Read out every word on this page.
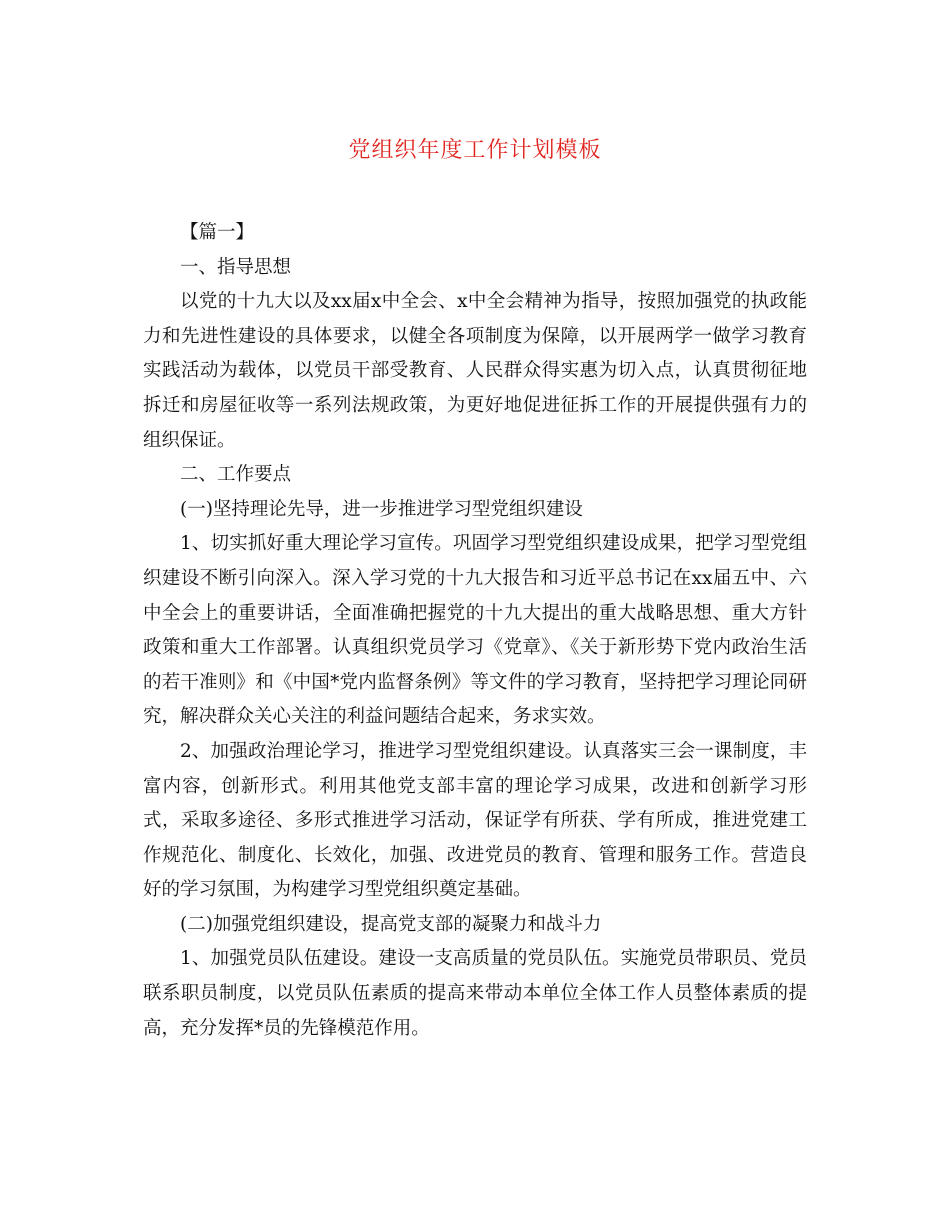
党组织年度工作计划模板

【篇一】

一、指导思想

以党的十九大以及xx届x中全会、x中全会精神为指导，按照加强党的执政能力和先进性建设的具体要求，以健全各项制度为保障，以开展两学一做学习教育实践活动为载体，以党员干部受教育、人民群众得实惠为切入点，认真贯彻征地拆迁和房屋征收等一系列法规政策，为更好地促进征拆工作的开展提供强有力的组织保证。

二、工作要点

(一)坚持理论先导，进一步推进学习型党组织建设

1、切实抓好重大理论学习宣传。巩固学习型党组织建设成果，把学习型党组织建设不断引向深入。深入学习党的十九大报告和习近平总书记在xx届五中、六中全会上的重要讲话，全面准确把握党的十九大提出的重大战略思想、重大方针政策和重大工作部署。认真组织党员学习《党章》、《关于新形势下党内政治生活的若干准则》和《中国*党内监督条例》等文件的学习教育，坚持把学习理论同研究，解决群众关心关注的利益问题结合起来，务求实效。

2、加强政治理论学习，推进学习型党组织建设。认真落实三会一课制度，丰富内容，创新形式。利用其他党支部丰富的理论学习成果，改进和创新学习形式，采取多途径、多形式推进学习活动，保证学有所获、学有所成，推进党建工作规范化、制度化、长效化，加强、改进党员的教育、管理和服务工作。营造良好的学习氛围，为构建学习型党组织奠定基础。

(二)加强党组织建设，提高党支部的凝聚力和战斗力

1、加强党员队伍建设。建设一支高质量的党员队伍。实施党员带职员、党员联系职员制度，以党员队伍素质的提高来带动本单位全体工作人员整体素质的提高，充分发挥*员的先锋模范作用。
